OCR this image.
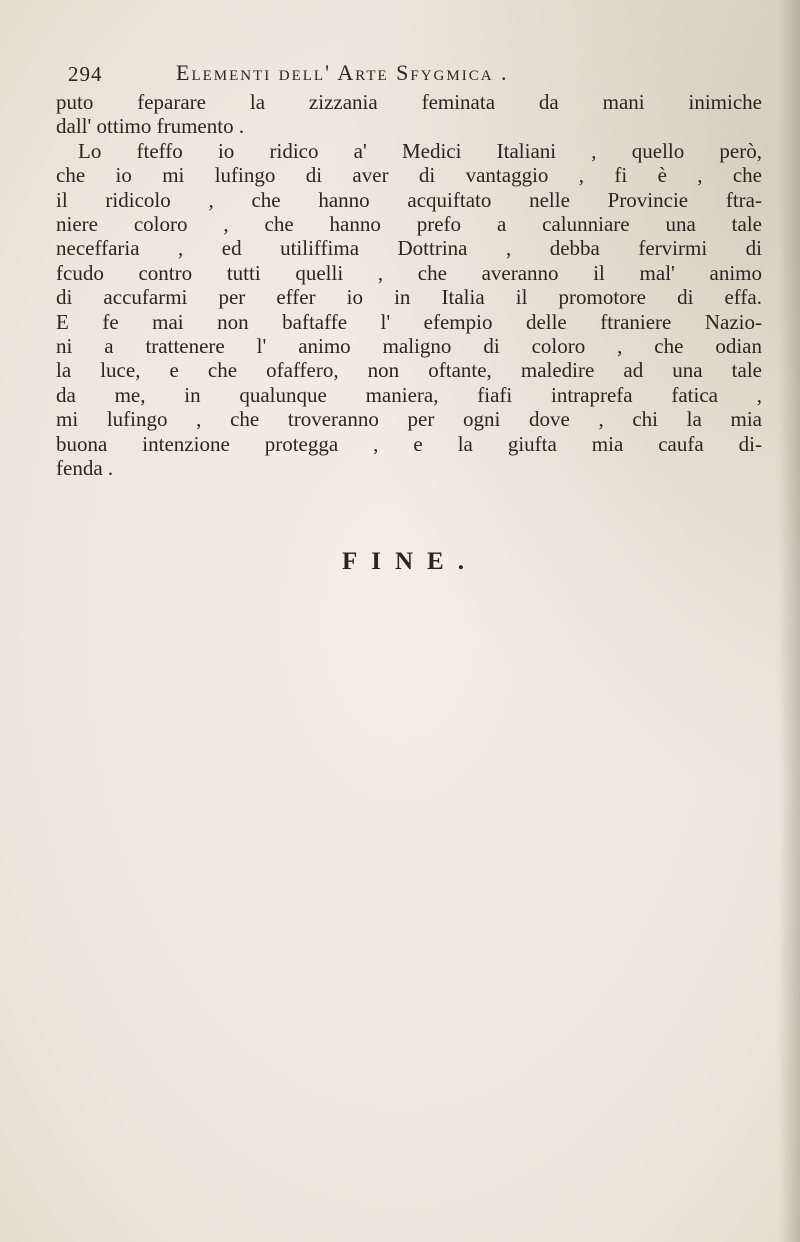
294	Elementi dell' Arte Sfygmica .
puto feparare la zizzania feminata da mani inimiche
dall' ottimo frumento .
Lo fteffo io ridico a' Medici Italiani , quello però,
che io mi lufingo di aver di vantaggio , fi è , che
il ridicolo , che hanno acquiftato nelle Provincie ftra-
niere coloro , che hanno prefo a calunniare una tale
neceffaria , ed utiliffima Dottrina , debba fervirmi di
fcudo contro tutti quelli , che averanno il mal' animo
di accufarmi per effer io in Italia il promotore di effa.
E fe mai non baftaffe l' efempio delle ftraniere Nazio-
ni a trattenere l' animo maligno di coloro , che odian
la luce, e che ofaffero, non oftante, maledire ad una tale
da me, in qualunque maniera, fiafi intraprefa fatica ,
mi lufingo , che troveranno per ogni dove , chi la mia
buona intenzione protegga , e la giufta mia caufa di-
fenda .
FINE.
